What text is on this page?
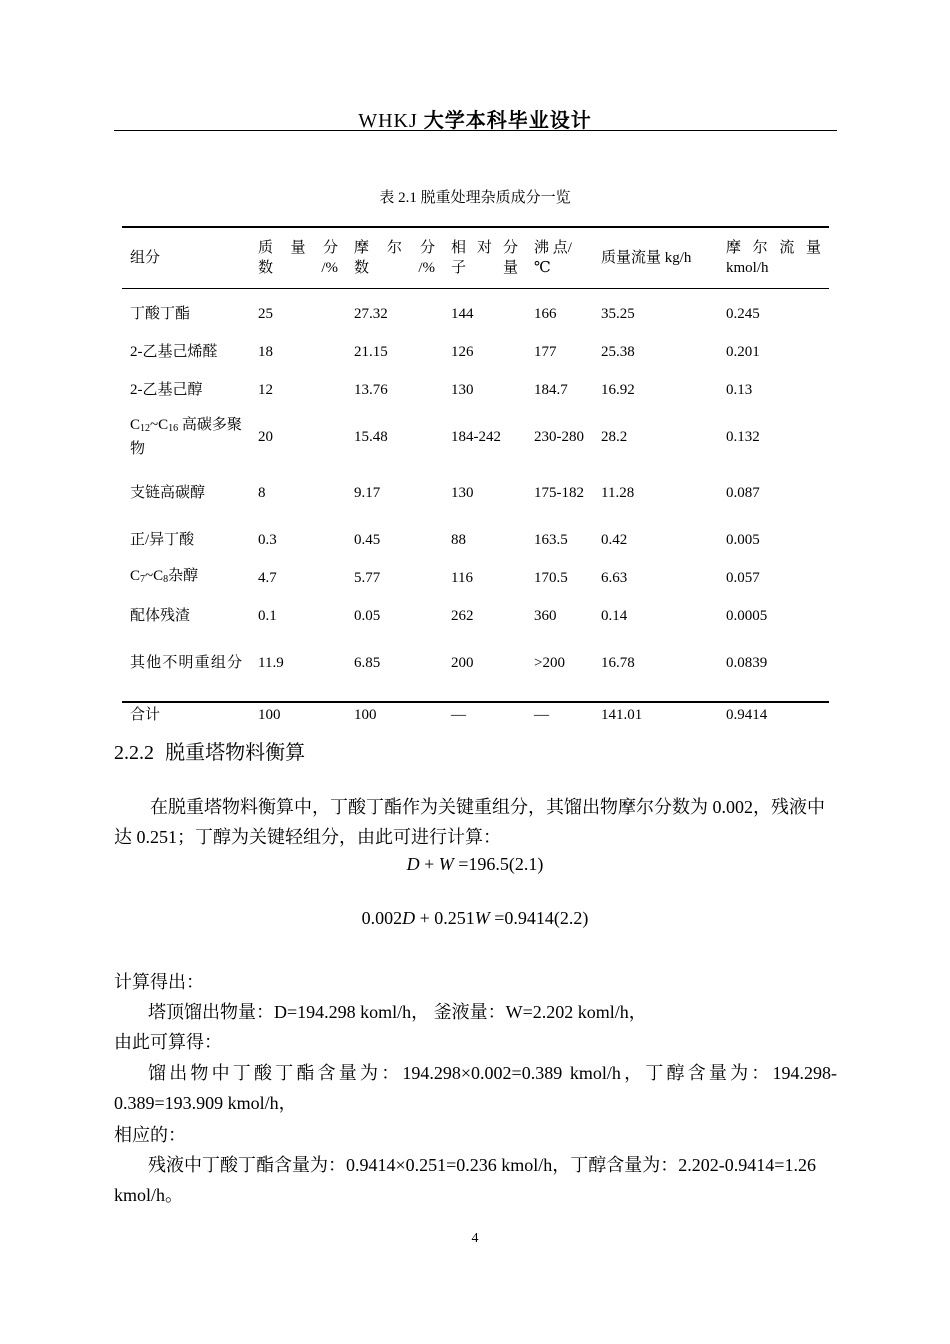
WHKJ 大学本科毕业设计
表 2.1 脱重处理杂质成分一览
组分	质 量 分 数/%	摩 尔 分 数/%	相 对 分 子量	沸 点/℃	质量流量 kg/h	摩 尔 流 量 kmol/h

丁酸丁酯	25	27.32	144	166	35.25	0.245
2-乙基己烯醛	18	21.15	126	177	25.38	0.201
2-乙基己醇	12	13.76	130	184.7	16.92	0.13
$C_{12}\sim C_{16}$ 高碳多聚物	20	15.48	184-242	230-280	28.2	0.132
支链高碳醇	8	9.17	130	175-182	11.28	0.087
正/异丁酸	0.3	0.45	88	163.5	0.42	0.005
$C_7\sim C_8$杂醇	4.7	5.77	116	170.5	6.63	0.057
配体残渣	0.1	0.05	262	360	0.14	0.0005
其他不明重组分	11.9	6.85	200	>200	16.78	0.0839

合计	100	100	—	—	141.01	0.9414
2.2.2 脱重塔物料衡算
在脱重塔物料衡算中，丁酸丁酯作为关键重组分，其馏出物摩尔分数为 0.002，残液中达 0.251；丁醇为关键轻组分，由此可进行计算：
D + W =196.5(2.1)
0.002D + 0.251W =0.9414(2.2)
计算得出：
塔顶馏出物量：D=194.298 koml/h， 釜液量：W=2.202 koml/h，
由此可算得：
馏出物中丁酸丁酯含量为：194.298×0.002=0.389 kmol/h，丁醇含量为：194.298-0.389=193.909 kmol/h，
相应的：
残液中丁酸丁酯含量为：0.9414×0.251=0.236 kmol/h，丁醇含量为：2.202-0.9414=1.26 kmol/h。
4
